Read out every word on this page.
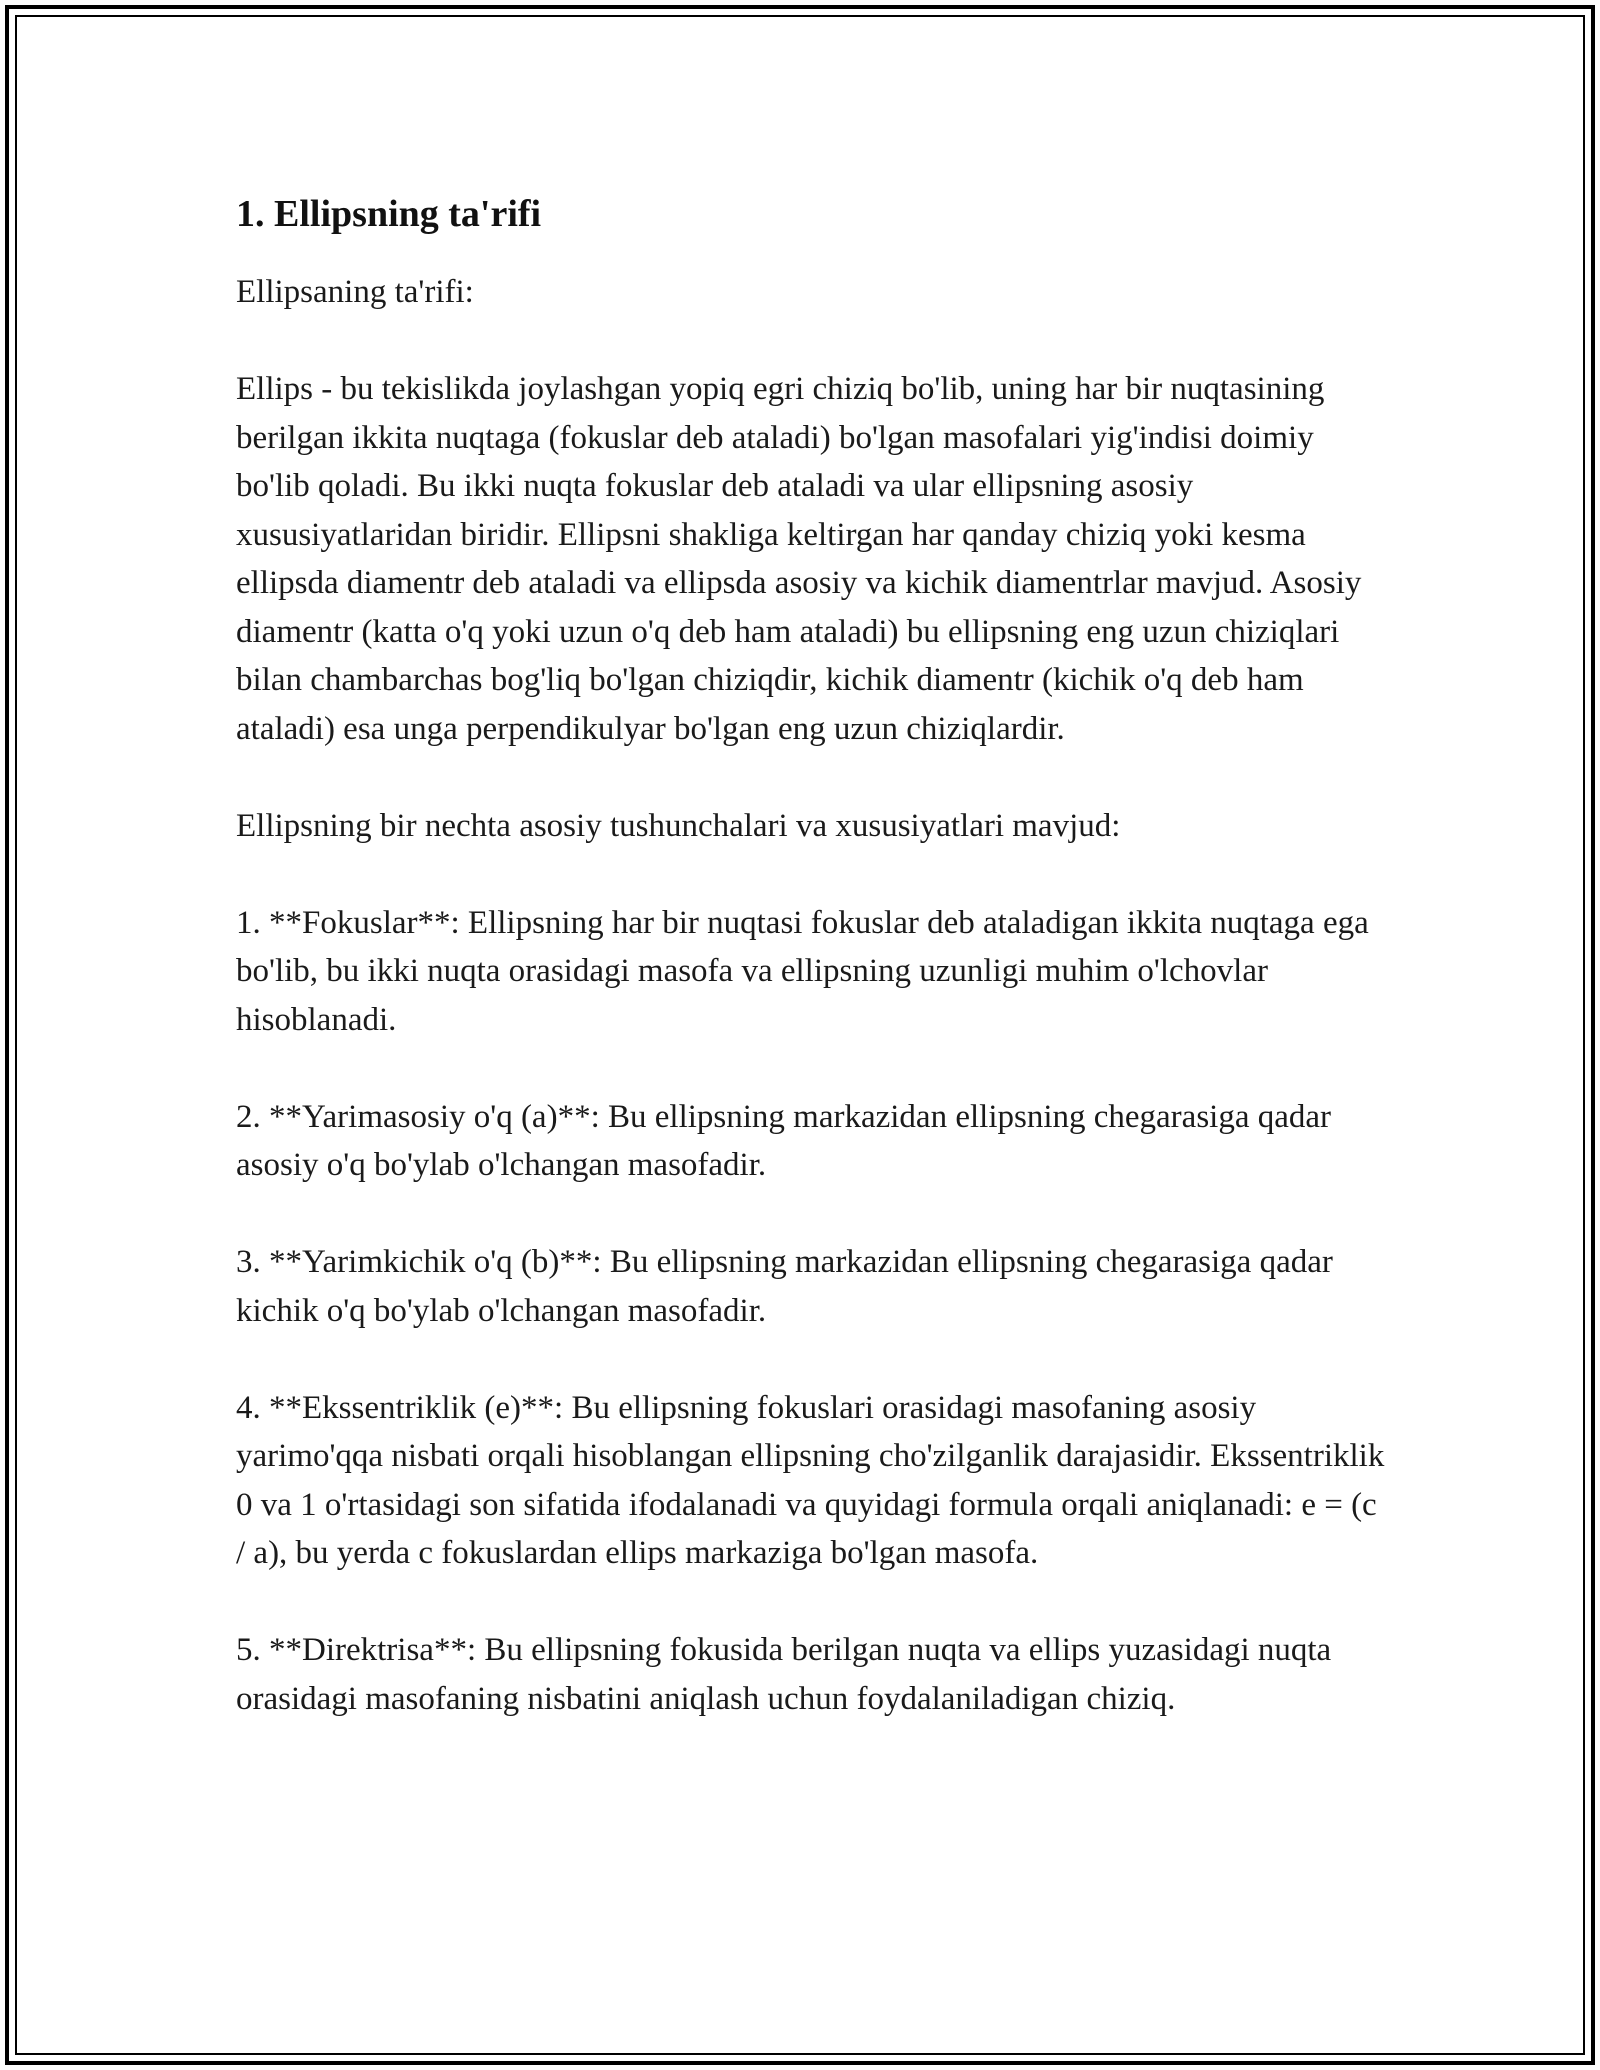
1. Ellipsning ta'rifi

Ellipsaning ta'rifi:

Ellips - bu tekislikda joylashgan yopiq egri chiziq bo'lib, uning har bir nuqtasining berilgan ikkita nuqtaga (fokuslar deb ataladi) bo'lgan masofalari yig'indisi doimiy bo'lib qoladi. Bu ikki nuqta fokuslar deb ataladi va ular ellipsning asosiy xususiyatlaridan biridir. Ellipsni shakliga keltirgan har qanday chiziq yoki kesma ellipsda diamentr deb ataladi va ellipsda asosiy va kichik diamentrlar mavjud. Asosiy diamentr (katta o'q yoki uzun o'q deb ham ataladi) bu ellipsning eng uzun chiziqlari bilan chambarchas bog'liq bo'lgan chiziqdir, kichik diamentr (kichik o'q deb ham ataladi) esa unga perpendikulyar bo'lgan eng uzun chiziqlardir.

Ellipsning bir nechta asosiy tushunchalari va xususiyatlari mavjud:

1. **Fokuslar**: Ellipsning har bir nuqtasi fokuslar deb ataladigan ikkita nuqtaga ega bo'lib, bu ikki nuqta orasidagi masofa va ellipsning uzunligi muhim o'lchovlar hisoblanadi.

2. **Yarimasosiy o'q (a)**: Bu ellipsning markazidan ellipsning chegarasiga qadar asosiy o'q bo'ylab o'lchangan masofadir.

3. **Yarimkichik o'q (b)**: Bu ellipsning markazidan ellipsning chegarasiga qadar kichik o'q bo'ylab o'lchangan masofadir.

4. **Ekssentriklik (e)**: Bu ellipsning fokuslari orasidagi masofaning asosiy yarimo'qqa nisbati orqali hisoblangan ellipsning cho'zilganlik darajasidir. Ekssentriklik 0 va 1 o'rtasidagi son sifatida ifodalanadi va quyidagi formula orqali aniqlanadi: e = (c / a), bu yerda c fokuslardan ellips markaziga bo'lgan masofa.

5. **Direktrisa**: Bu ellipsning fokusida berilgan nuqta va ellips yuzasidagi nuqta orasidagi masofaning nisbatini aniqlash uchun foydalaniladigan chiziq.
